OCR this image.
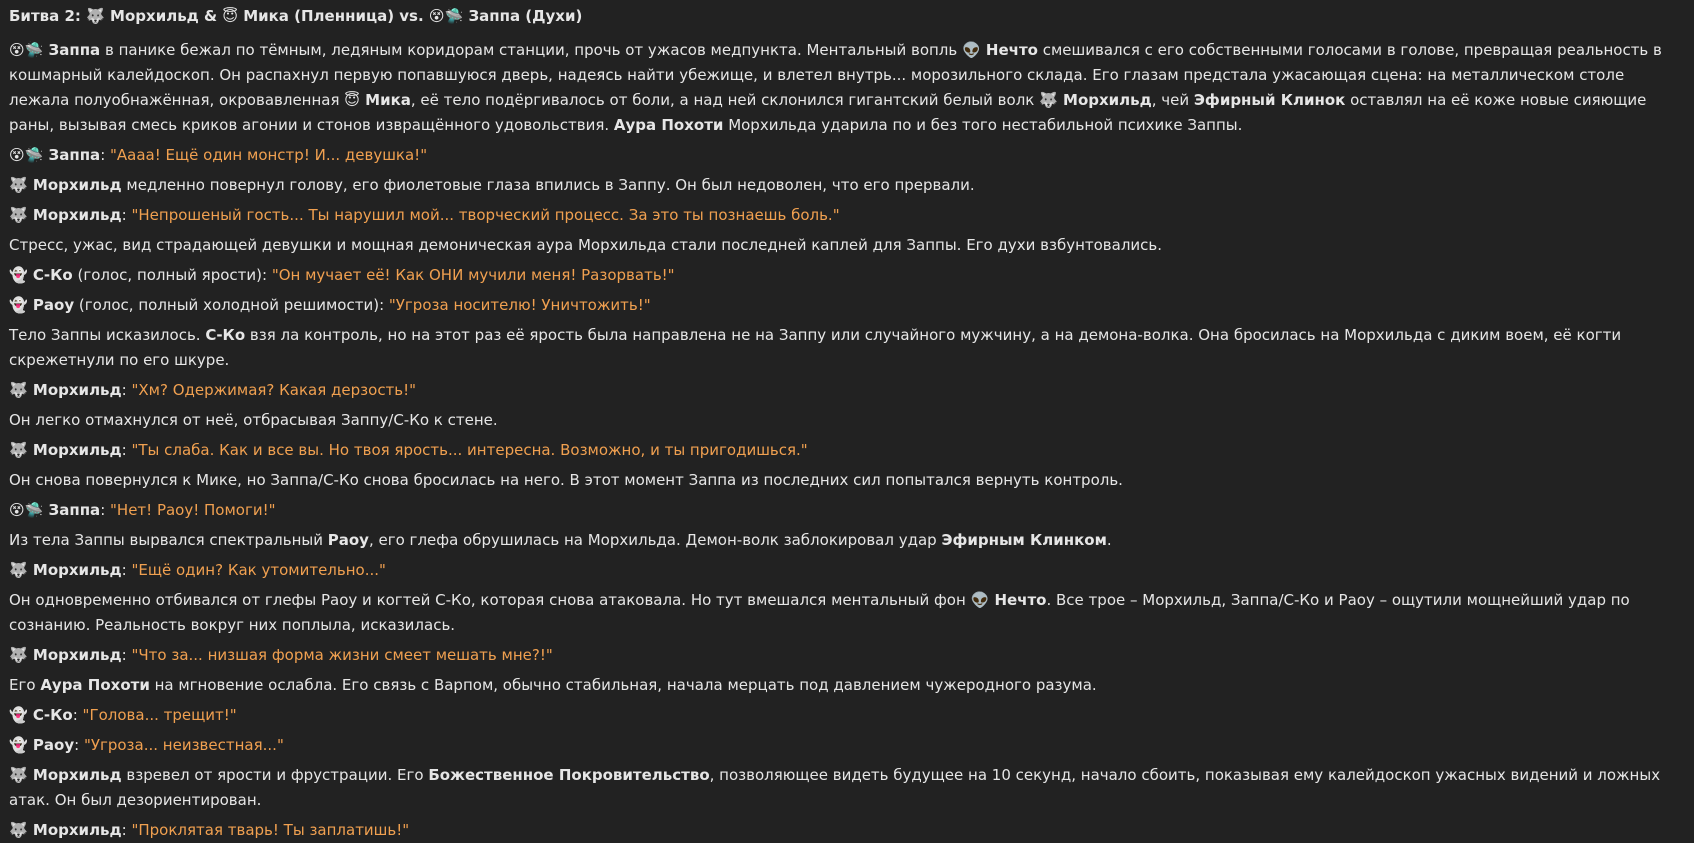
Битва 2: 🐺 Морхильд & 😇 Мика (Пленница) vs. 😵🛸 Заппа (Духи)
😵🛸 Заппа в панике бежал по тёмным, ледяным коридорам станции, прочь от ужасов медпункта. Ментальный вопль 👽 Нечто смешивался с его собственными голосами в голове, превращая реальность в кошмарный калейдоскоп. Он распахнул первую попавшуюся дверь, надеясь найти убежище, и влетел внутрь... морозильного склада. Его глазам предстала ужасающая сцена: на металлическом столе лежала полуобнажённая, окровавленная 😇 Мика, её тело подёргивалось от боли, а над ней склонился гигантский белый волк 🐺 Морхильд, чей Эфирный Клинок оставлял на её коже новые сияющие раны, вызывая смесь криков агонии и стонов извращённого удовольствия. Аура Похоти Морхильда ударила по и без того нестабильной психике Заппы.
😵🛸 Заппа: "Аааа! Ещё один монстр! И... девушка!"
🐺 Морхильд медленно повернул голову, его фиолетовые глаза впились в Заппу. Он был недоволен, что его прервали.
🐺 Морхильд: "Непрошеный гость... Ты нарушил мой... творческий процесс. За это ты познаешь боль."
Стресс, ужас, вид страдающей девушки и мощная демоническая аура Морхильда стали последней каплей для Заппы. Его духи взбунтовались.
👻 С-Ко (голос, полный ярости): "Он мучает её! Как ОНИ мучили меня! Разорвать!"
👻 Раоу (голос, полный холодной решимости): "Угроза носителю! Уничтожить!"
Тело Заппы исказилось. С-Ко взя ла контроль, но на этот раз её ярость была направлена не на Заппу или случайного мужчину, а на демона-волка. Она бросилась на Морхильда с диким воем, её когти скрежетнули по его шкуре.
🐺 Морхильд: "Хм? Одержимая? Какая дерзость!"
Он легко отмахнулся от неё, отбрасывая Заппу/С-Ко к стене.
🐺 Морхильд: "Ты слаба. Как и все вы. Но твоя ярость... интересна. Возможно, и ты пригодишься."
Он снова повернулся к Мике, но Заппа/С-Ко снова бросилась на него. В этот момент Заппа из последних сил попытался вернуть контроль.
😵🛸 Заппа: "Нет! Раоу! Помоги!"
Из тела Заппы вырвался спектральный Раоу, его глефа обрушилась на Морхильда. Демон-волк заблокировал удар Эфирным Клинком.
🐺 Морхильд: "Ещё один? Как утомительно..."
Он одновременно отбивался от глефы Раоу и когтей С-Ко, которая снова атаковала. Но тут вмешался ментальный фон 👽 Нечто. Все трое – Морхильд, Заппа/С-Ко и Раоу – ощутили мощнейший удар по сознанию. Реальность вокруг них поплыла, исказилась.
🐺 Морхильд: "Что за... низшая форма жизни смеет мешать мне?!"
Его Аура Похоти на мгновение ослабла. Его связь с Варпом, обычно стабильная, начала мерцать под давлением чужеродного разума.
👻 С-Ко: "Голова... трещит!"
👻 Раоу: "Угроза... неизвестная..."
🐺 Морхильд взревел от ярости и фрустрации. Его Божественное Покровительство, позволяющее видеть будущее на 10 секунд, начало сбоить, показывая ему калейдоскоп ужасных видений и ложных атак. Он был дезориентирован.
🐺 Морхильд: "Проклятая тварь! Ты заплатишь!"
